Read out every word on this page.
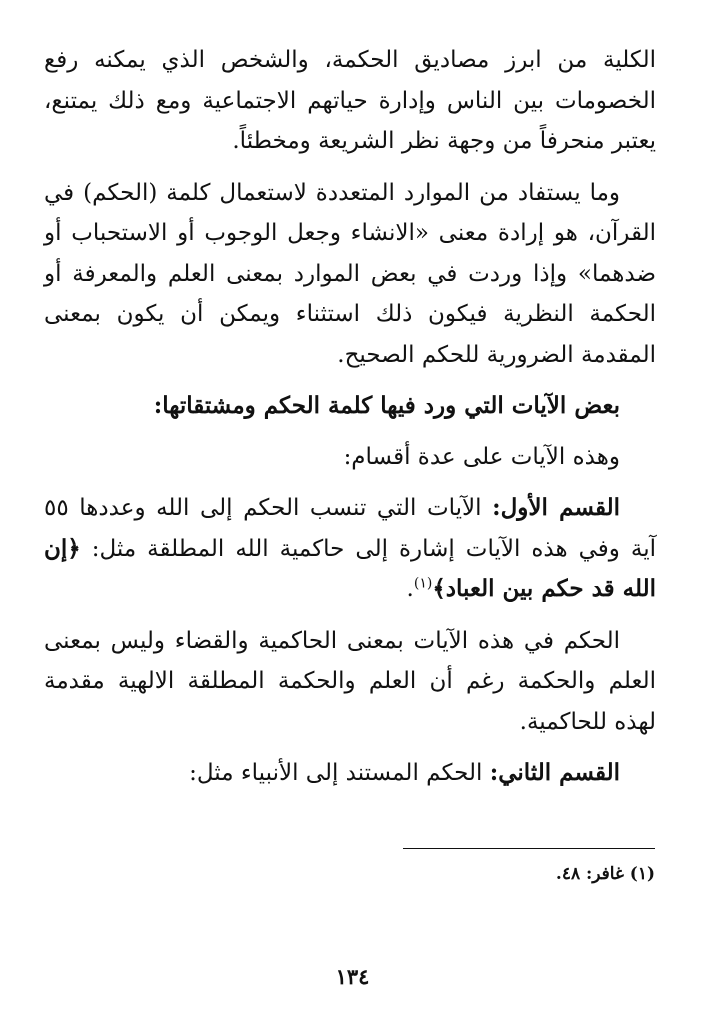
الكلية من ابرز مصاديق الحكمة، والشخص الذي يمكنه رفع الخصومات بين الناس وإدارة حياتهم الاجتماعية ومع ذلك يمتنع، يعتبر منحرفاً من وجهة نظر الشريعة ومخطئاً.

وما يستفاد من الموارد المتعددة لاستعمال كلمة (الحكم) في القرآن، هو إرادة معنى «الانشاء وجعل الوجوب أو الاستحباب أو ضدهما» وإذا وردت في بعض الموارد بمعنى العلم والمعرفة أو الحكمة النظرية فيكون ذلك استثناء ويمكن أن يكون بمعنى المقدمة الضرورية للحكم الصحيح.

بعض الآيات التي ورد فيها كلمة الحكم ومشتقاتها:

وهذه الآيات على عدة أقسام:

القسم الأول: الآيات التي تنسب الحكم إلى الله وعددها ٥٥ آية وفي هذه الآيات إشارة إلى حاكمية الله المطلقة مثل: ﴿إن الله قد حكم بين العباد﴾$^{(١)}$.

الحكم في هذه الآيات بمعنى الحاكمية والقضاء وليس بمعنى العلم والحكمة رغم أن العلم والحكمة المطلقة الالهية مقدمة لهذه للحاكمية.

القسم الثاني: الحكم المستند إلى الأنبياء مثل:

(١) غافر: ٤٨.
١٣٤
